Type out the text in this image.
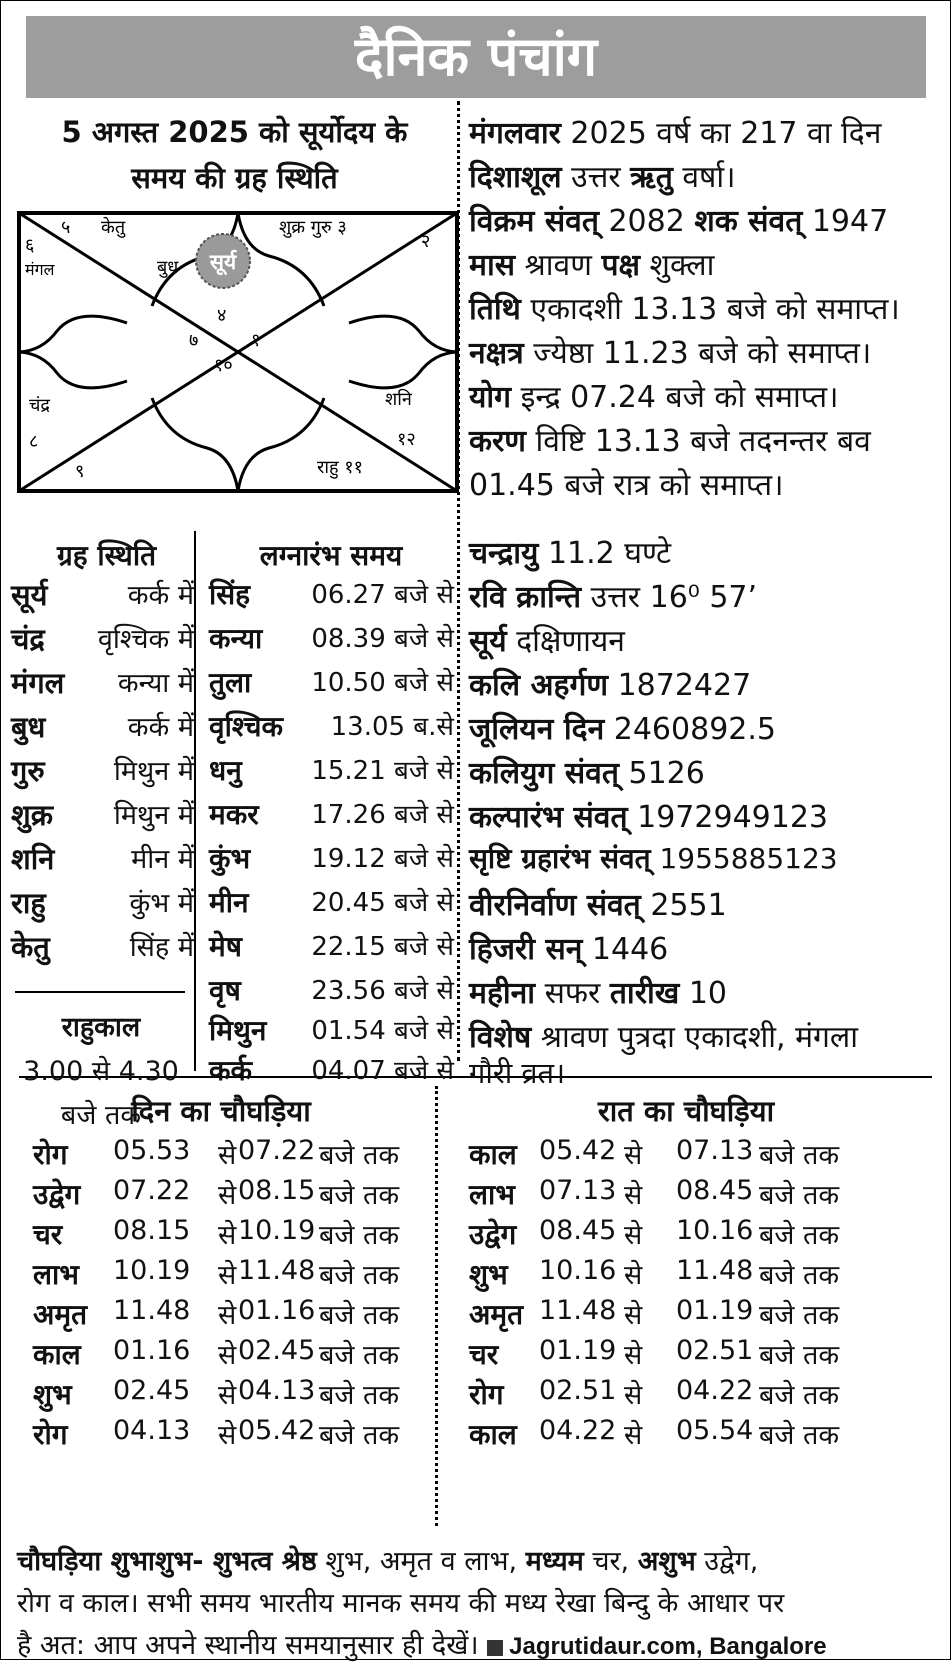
दैनिक पंचांग
5 अगस्त 2025 को सूर्योदय के
समय की ग्रह स्थिति
सूर्य
५ केतु	शुक्र गुरु ३
६
मंगल	बुध
२
४
७	१
१०
चंद्र
८
शनि
१२
९	राहु ११
मंगलवार 2025 वर्ष का 217 वा दिन
दिशाशूल उत्तर ऋतु वर्षा।
विक्रम संवत् 2082 शक संवत् 1947
मास श्रावण पक्ष शुक्ला
तिथि एकादशी 13.13 बजे को समाप्त।
नक्षत्र ज्येष्ठा 11.23 बजे को समाप्त।
योग इन्द्र 07.24 बजे को समाप्त।
करण विष्टि 13.13 बजे तदनन्तर बव
01.45 बजे रात्र को समाप्त।
चन्द्रायु 11.2 घण्टे
रवि क्रान्ति उत्तर 16⁰ 57’
सूर्य दक्षिणायन
कलि अहर्गण 1872427
जूलियन दिन 2460892.5
कलियुग संवत् 5126
कल्पारंभ संवत् 1972949123
सृष्टि ग्रहारंभ संवत् 1955885123
वीरनिर्वाण संवत् 2551
हिजरी सन् 1446
महीना सफर तारीख 10
विशेष श्रावण पुत्रदा एकादशी, मंगला
गौरी व्रत।
ग्रह स्थिति
सूर्य	कर्क में
चंद्र वृश्चिक में
मंगल कन्या में
बुध	कर्क में
गुरु	मिथुन में
शुक्र मिथुन में
शनि	मीन में
राहु	कुंभ में
केतु	सिंह में
राहुकाल
3.00 से 4.30
बजे तक
लग्नारंभ समय
सिंह 06.27 बजे से
कन्या 08.39 बजे से
तुला 10.50 बजे से
वृश्चिक 13.05 ब.से
धनु	15.21 बजे से
मकर 17.26 बजे से
कुंभ 19.12 बजे से
मीन 20.45 बजे से
मेष	22.15 बजे से
वृष	23.56 बजे से
मिथुन 01.54 बजे से
कर्क 04.07 बजे से
दिन का चौघड़िया
रोग 05.53 से 07.22 बजे तक
उद्वेग 07.22 से 08.15 बजे तक
चर 08.15 से 10.19 बजे तक
लाभ 10.19 से 11.48 बजे तक
अमृत 11.48 से 01.16 बजे तक
काल 01.16 से 02.45 बजे तक
शुभ 02.45 से 04.13 बजे तक
रोग 04.13 से 05.42 बजे तक
रात का चौघड़िया
काल 05.42 से 07.13 बजे तक
लाभ 07.13 से 08.45 बजे तक
उद्वेग 08.45 से 10.16 बजे तक
शुभ 10.16 से 11.48 बजे तक
अमृत 11.48 से 01.19 बजे तक
चर 01.19 से 02.51 बजे तक
रोग 02.51 से 04.22 बजे तक
काल 04.22 से 05.54 बजे तक
चौघड़िया शुभाशुभ- शुभत्व श्रेष्ठ शुभ, अमृत व लाभ, मध्यम चर, अशुभ उद्वेग,
रोग व काल। सभी समय भारतीय मानक समय की मध्य रेखा बिन्दु के आधार पर
है अत: आप अपने स्थानीय समयानुसार ही देखें। Jagrutidaur.com, Bangalore
